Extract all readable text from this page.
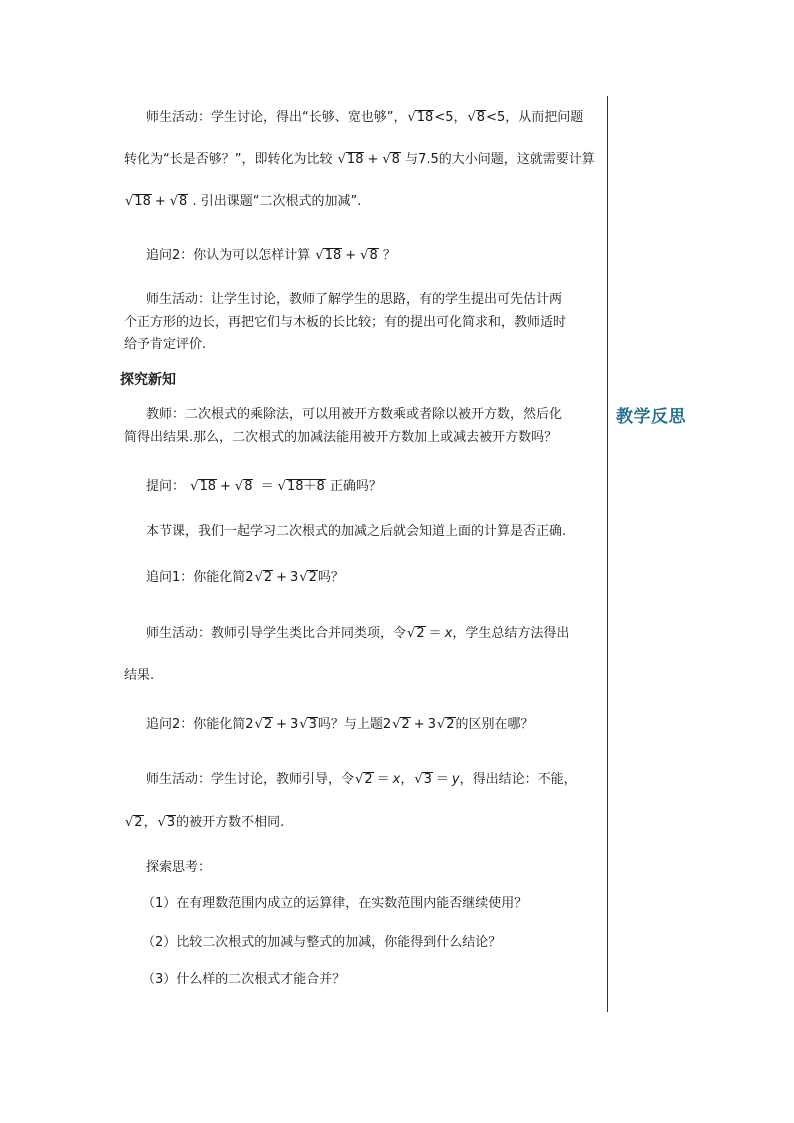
教学反思
师生活动：学生讨论，得出“长够、宽也够”， √ 18<5， √ 8<5，从而把问题
转化为“长是否够？”，即转化为比较 √ 18 + √ 8 与7.5的大小问题，这就需要计算
√ 18 + √ 8 . 引出课题“二次根式的加减”.
追问2：你认为可以怎样计算 √ 18 + √ 8 ？
师生活动：让学生讨论，教师了解学生的思路，有的学生提出可先估计两
个正方形的边长，再把它们与木板的长比较；有的提出可化简求和，教师适时
给予肯定评价.
探究新知
教师：二次根式的乘除法，可以用被开方数乘或者除以被开方数，然后化
简得出结果.那么，二次根式的加减法能用被开方数加上或减去被开方数吗？
提问： √ 18 + √ 8 ＝ √ 18＋8 正确吗？
本节课，我们一起学习二次根式的加减之后就会知道上面的计算是否正确.
追问1：你能化简2 √ 2 + 3 √ 2吗？
师生活动：教师引导学生类比合并同类项，令 √ 2 ＝ x，学生总结方法得出
结果.
追问2：你能化简2 √ 2 + 3 √ 3吗？与上题2 √ 2 + 3 √ 2的区别在哪？
师生活动：学生讨论，教师引导，令 √ 2 ＝ x， √ 3 ＝ y，得出结论：不能，
√ 2， √ 3的被开方数不相同.
探索思考：
（1）在有理数范围内成立的运算律，在实数范围内能否继续使用？
（2）比较二次根式的加减与整式的加减，你能得到什么结论？
（3）什么样的二次根式才能合并？
